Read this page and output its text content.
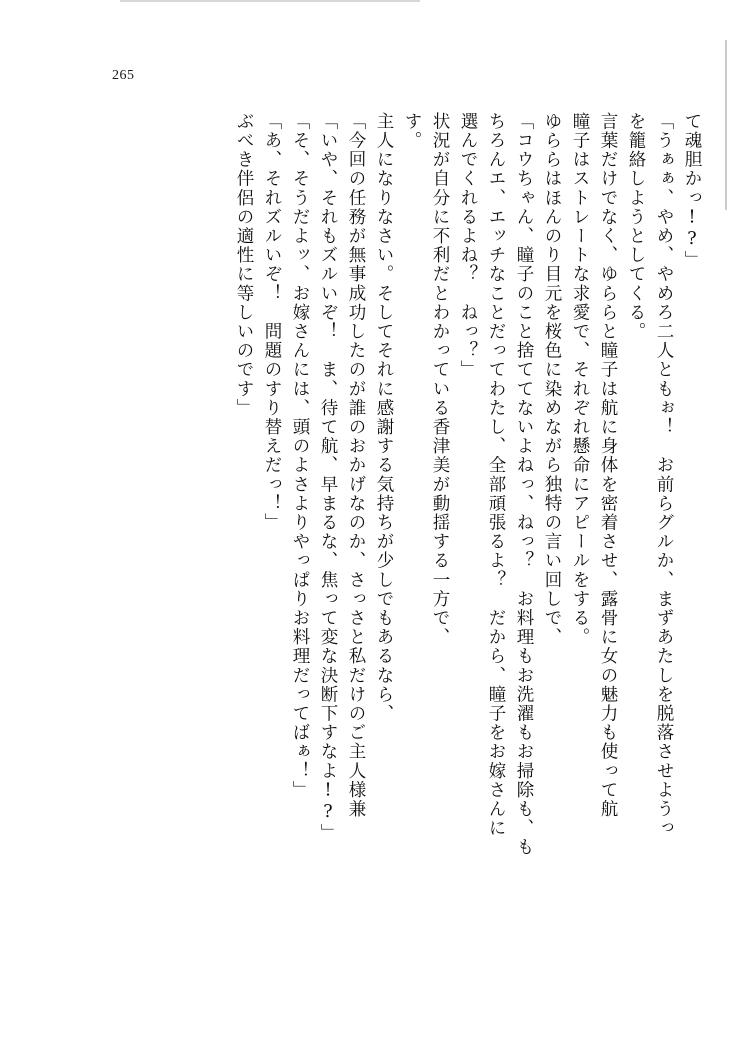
265
ぶべき伴侶の適性に等しいのです」 「あ、それズルいぞ！　問題のすり替えだっ！」 「そ、そうだよッ、お嫁さんには、頭のよさよりやっぱりお料理だってばぁ！」 「いや、それもズルいぞ！　ま、待て航、早まるな、焦って変な決断下すなよ!?」 「今回の任務が無事成功したのが誰のおかげなのか、さっさと私だけのご主人様兼 主人になりなさい。そしてそれに感謝する気持ちが少しでもあるなら、 す。 状況が自分に不利だとわかっている香津美が動揺する一方で、 選んでくれるよね？　ねっ？」 ちろんエ、エッチなことだってわたし、全部頑張るよ？　だから、瞳子をお嫁さんに 「コウちゃん、瞳子のこと捨ててないよねっ、ねっ？　お料理もお洗濯もお掃除も、も ゆららはほんのり目元を桜色に染めながら独特の言い回しで、 瞳子はストレートな求愛で、それぞれ懸命にアピールをする。 言葉だけでなく、ゆららと瞳子は航に身体を密着させ、露骨に女の魅力も使って航 を籠絡しようとしてくる。 「うぁぁ、やめ、やめろ二人ともぉ！　お前らグルか、まずあたしを脱落させようっ て魂胆かっ!?」
